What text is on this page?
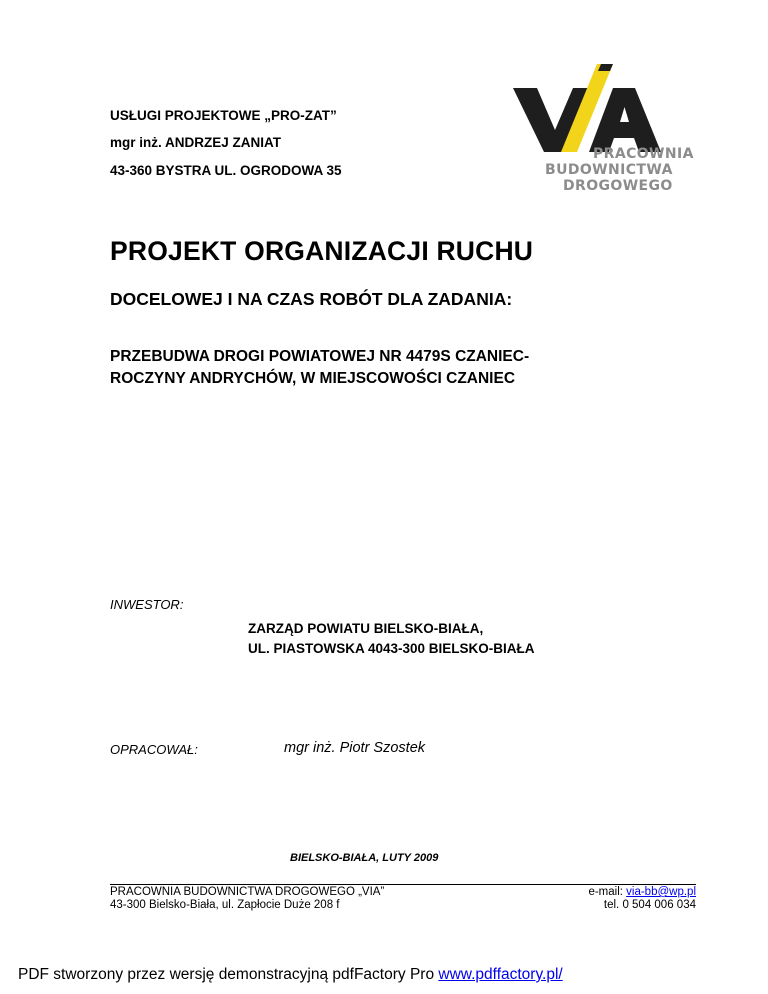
USŁUGI PROJEKTOWE „PRO-ZAT”
mgr inż. ANDRZEJ ZANIAT
43-360 BYSTRA UL. OGRODOWA 35
PRACOWNIA
BUDOWNICTWA
DROGOWEGO
PROJEKT ORGANIZACJI RUCHU
DOCELOWEJ I NA CZAS ROBÓT DLA ZADANIA:
PRZEBUDWA DROGI POWIATOWEJ NR 4479S CZANIEC-
ROCZYNY ANDRYCHÓW, W MIEJSCOWOŚCI CZANIEC
INWESTOR:
ZARZĄD POWIATU BIELSKO-BIAŁA,
UL. PIASTOWSKA 4043-300 BIELSKO-BIAŁA
OPRACOWAŁ:	mgr inż. Piotr Szostek
BIELSKO-BIAŁA, LUTY 2009
PRACOWNIA BUDOWNICTWA DROGOWEGO „VIA”
43-300 Bielsko-Biała, ul. Zapłocie Duże 208 f
e-mail: via-bb@wp.pl
tel. 0 504 006 034
PDF stworzony przez wersję demonstracyjną pdfFactory Pro www.pdffactory.pl/
